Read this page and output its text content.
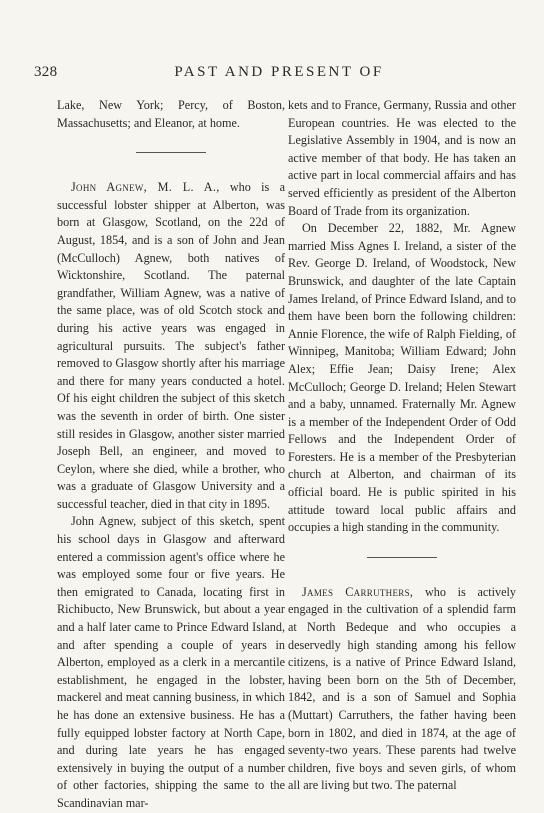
328	PAST AND PRESENT OF

Lake, New York; Percy, of Boston, Massachusetts; and Eleanor, at home.

John Agnew, M. L. A., who is a successful lobster shipper at Alberton, was born at Glasgow, Scotland, on the 22d of August, 1854, and is a son of John and Jean (McCulloch) Agnew, both natives of Wicktonshire, Scotland. The paternal grandfather, William Agnew, was a native of the same place, was of old Scotch stock and during his active years was engaged in agricultural pursuits. The subject's father removed to Glasgow shortly after his marriage and there for many years conducted a hotel. Of his eight children the subject of this sketch was the seventh in order of birth. One sister still resides in Glasgow, another sister married Joseph Bell, an engineer, and moved to Ceylon, where she died, while a brother, who was a graduate of Glasgow University and a successful teacher, died in that city in 1895.

John Agnew, subject of this sketch, spent his school days in Glasgow and afterward entered a commission agent's office where he was employed some four or five years. He then emigrated to Canada, locating first in Richibucto, New Brunswick, but about a year and a half later came to Prince Edward Island, and after spending a couple of years in Alberton, employed as a clerk in a mercantile establishment, he engaged in the lobster, mackerel and meat canning business, in which he has done an extensive business. He has a fully equipped lobster factory at North Cape, and during late years he has engaged extensively in buying the output of a number of other factories, shipping the same to the Scandinavian mar-

kets and to France, Germany, Russia and other European countries. He was elected to the Legislative Assembly in 1904, and is now an active member of that body. He has taken an active part in local commercial affairs and has served efficiently as president of the Alberton Board of Trade from its organization.

On December 22, 1882, Mr. Agnew married Miss Agnes I. Ireland, a sister of the Rev. George D. Ireland, of Woodstock, New Brunswick, and daughter of the late Captain James Ireland, of Prince Edward Island, and to them have been born the following children: Annie Florence, the wife of Ralph Fielding, of Winnipeg, Manitoba; William Edward; John Alex; Effie Jean; Daisy Irene; Alex McCulloch; George D. Ireland; Helen Stewart and a baby, unnamed. Fraternally Mr. Agnew is a member of the Independent Order of Odd Fellows and the Independent Order of Foresters. He is a member of the Presbyterian church at Alberton, and chairman of its official board. He is public spirited in his attitude toward local public affairs and occupies a high standing in the community.

James Carruthers, who is actively engaged in the cultivation of a splendid farm at North Bedeque and who occupies a deservedly high standing among his fellow citizens, is a native of Prince Edward Island, having been born on the 5th of December, 1842, and is a son of Samuel and Sophia (Muttart) Carruthers, the father having been born in 1802, and died in 1874, at the age of seventy-two years. These parents had twelve children, five boys and seven girls, of whom all are living but two. The paternal
